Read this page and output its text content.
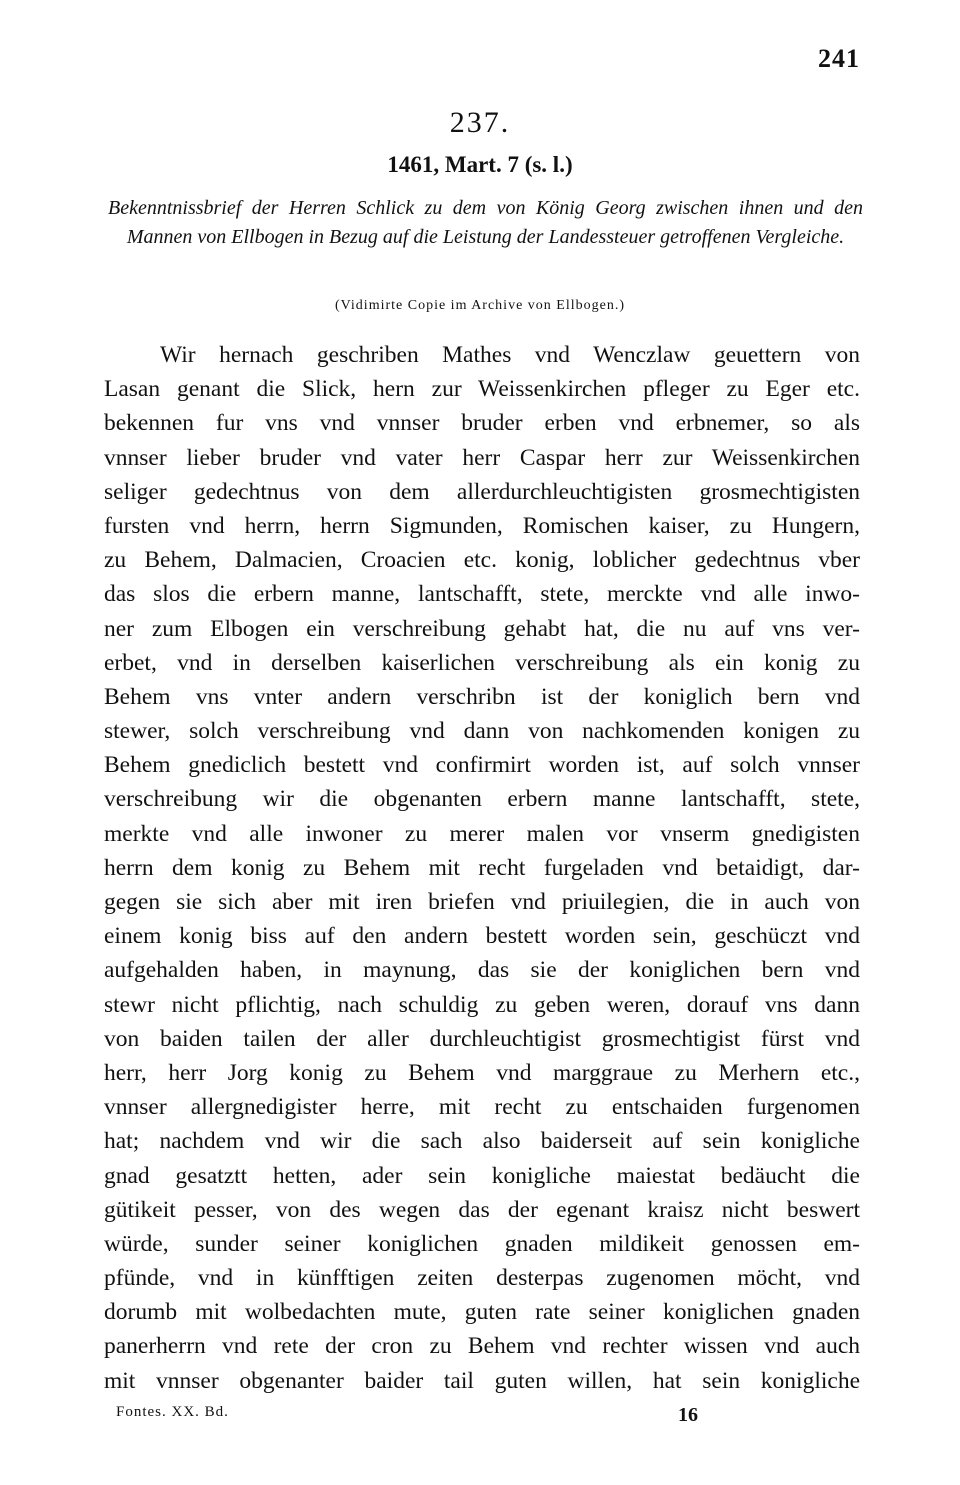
241
237.
1461, Mart. 7 (s. l.)
Bekenntnissbrief der Herren Schlick zu dem von König Georg zwischen ihnen und den Mannen von Ellbogen in Bezug auf die Leistung der Landessteuer getroffenen Vergleiche.
(Vidimirte Copie im Archive von Ellbogen.)
Wir hernach geschriben Mathes vnd Wenczlaw geuettern von
Lasan genant die Slick, hern zur Weissenkirchen pfleger zu Eger etc.
bekennen fur vns vnd vnnser bruder erben vnd erbnemer, so als
vnnser lieber bruder vnd vater herr Caspar herr zur Weissenkirchen
seliger gedechtnus von dem allerdurchleuchtigisten grosmechtigisten
fursten vnd herrn, herrn Sigmunden, Romischen kaiser, zu Hungern,
zu Behem, Dalmacien, Croacien etc. konig, loblicher gedechtnus vber
das slos die erbern manne, lantschafft, stete, merckte vnd alle inwo-
ner zum Elbogen ein verschreibung gehabt hat, die nu auf vns ver-
erbet, vnd in derselben kaiserlichen verschreibung als ein konig zu
Behem vns vnter andern verschribn ist der koniglich bern vnd
stewer, solch verschreibung vnd dann von nachkomenden konigen zu
Behem gnediclich bestett vnd confirmirt worden ist, auf solch vnnser
verschreibung wir die obgenanten erbern manne lantschafft, stete,
merkte vnd alle inwoner zu merer malen vor vnserm gnedigisten
herrn dem konig zu Behem mit recht furgeladen vnd betaidigt, dar-
gegen sie sich aber mit iren briefen vnd priuilegien, die in auch von
einem konig biss auf den andern bestett worden sein, geschüczt vnd
aufgehalden haben, in maynung, das sie der koniglichen bern vnd
stewr nicht pflichtig, nach schuldig zu geben weren, dorauf vns dann
von baiden tailen der aller durchleuchtigist grosmechtigist fürst vnd
herr, herr Jorg konig zu Behem vnd marggraue zu Merhern etc.,
vnnser allergnedigister herre, mit recht zu entschaiden furgenomen
hat; nachdem vnd wir die sach also baiderseit auf sein konigliche
gnad gesatztt hetten, ader sein konigliche maiestat bedäucht die
gütikeit pesser, von des wegen das der egenant kraisz nicht beswert
würde, sunder seiner koniglichen gnaden mildikeit genossen em-
pfünde, vnd in künfftigen zeiten desterpas zugenomen möcht, vnd
dorumb mit wolbedachten mute, guten rate seiner koniglichen gnaden
panerherrn vnd rete der cron zu Behem vnd rechter wissen vnd auch
mit vnnser obgenanter baider tail guten willen, hat sein konigliche
Fontes. XX. Bd.	16
